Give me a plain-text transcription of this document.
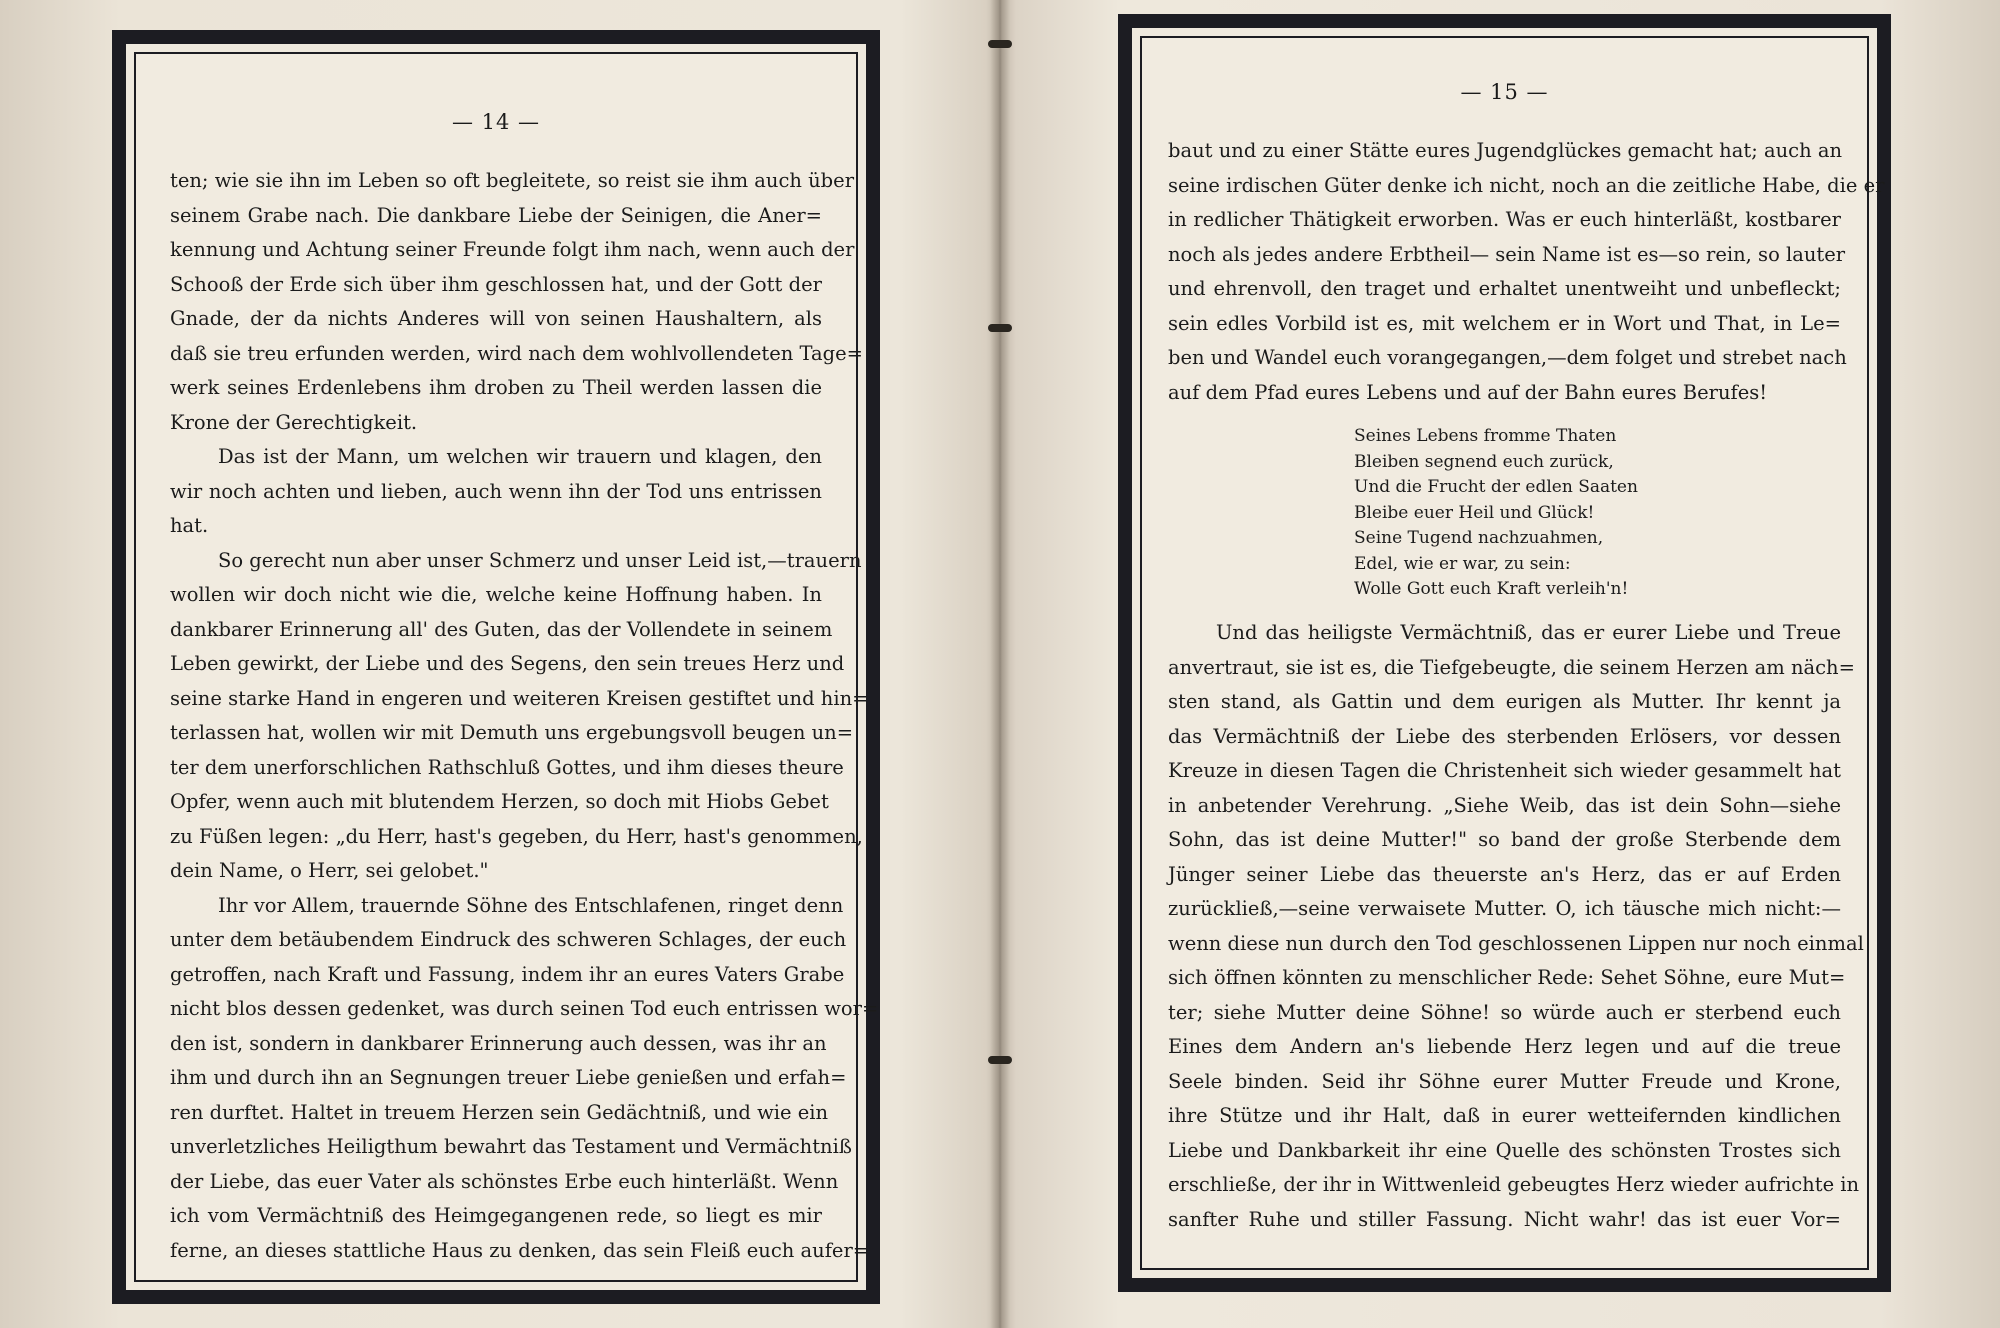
— 14 —
ten; wie sie ihn im Leben so oft begleitete, so reist sie ihm auch über
seinem Grabe nach. Die dankbare Liebe der Seinigen, die Aner=
kennung und Achtung seiner Freunde folgt ihm nach, wenn auch der
Schooß der Erde sich über ihm geschlossen hat, und der Gott der
Gnade, der da nichts Anderes will von seinen Haushaltern, als
daß sie treu erfunden werden, wird nach dem wohlvollendeten Tage=
werk seines Erdenlebens ihm droben zu Theil werden lassen die
Krone der Gerechtigkeit.
Das ist der Mann, um welchen wir trauern und klagen, den
wir noch achten und lieben, auch wenn ihn der Tod uns entrissen
hat.
So gerecht nun aber unser Schmerz und unser Leid ist,—trauern
wollen wir doch nicht wie die, welche keine Hoffnung haben. In
dankbarer Erinnerung all' des Guten, das der Vollendete in seinem
Leben gewirkt, der Liebe und des Segens, den sein treues Herz und
seine starke Hand in engeren und weiteren Kreisen gestiftet und hin=
terlassen hat, wollen wir mit Demuth uns ergebungsvoll beugen un=
ter dem unerforschlichen Rathschluß Gottes, und ihm dieses theure
Opfer, wenn auch mit blutendem Herzen, so doch mit Hiobs Gebet
zu Füßen legen: „du Herr, hast's gegeben, du Herr, hast's genommen,
dein Name, o Herr, sei gelobet."
Ihr vor Allem, trauernde Söhne des Entschlafenen, ringet denn
unter dem betäubendem Eindruck des schweren Schlages, der euch
getroffen, nach Kraft und Fassung, indem ihr an eures Vaters Grabe
nicht blos dessen gedenket, was durch seinen Tod euch entrissen wor=
den ist, sondern in dankbarer Erinnerung auch dessen, was ihr an
ihm und durch ihn an Segnungen treuer Liebe genießen und erfah=
ren durftet. Haltet in treuem Herzen sein Gedächtniß, und wie ein
unverletzliches Heiligthum bewahrt das Testament und Vermächtniß
der Liebe, das euer Vater als schönstes Erbe euch hinterläßt. Wenn
ich vom Vermächtniß des Heimgegangenen rede, so liegt es mir
ferne, an dieses stattliche Haus zu denken, das sein Fleiß euch aufer=
— 15 —
baut und zu einer Stätte eures Jugendglückes gemacht hat; auch an
seine irdischen Güter denke ich nicht, noch an die zeitliche Habe, die er
in redlicher Thätigkeit erworben. Was er euch hinterläßt, kostbarer
noch als jedes andere Erbtheil— sein Name ist es—so rein, so lauter
und ehrenvoll, den traget und erhaltet unentweiht und unbefleckt;
sein edles Vorbild ist es, mit welchem er in Wort und That, in Le=
ben und Wandel euch vorangegangen,—dem folget und strebet nach
auf dem Pfad eures Lebens und auf der Bahn eures Berufes!
Seines Lebens fromme Thaten
Bleiben segnend euch zurück,
Und die Frucht der edlen Saaten
Bleibe euer Heil und Glück!
Seine Tugend nachzuahmen,
Edel, wie er war, zu sein:
Wolle Gott euch Kraft verleih'n!
Und das heiligste Vermächtniß, das er eurer Liebe und Treue
anvertraut, sie ist es, die Tiefgebeugte, die seinem Herzen am näch=
sten stand, als Gattin und dem eurigen als Mutter. Ihr kennt ja
das Vermächtniß der Liebe des sterbenden Erlösers, vor dessen
Kreuze in diesen Tagen die Christenheit sich wieder gesammelt hat
in anbetender Verehrung. „Siehe Weib, das ist dein Sohn—siehe
Sohn, das ist deine Mutter!" so band der große Sterbende dem
Jünger seiner Liebe das theuerste an's Herz, das er auf Erden
zurückließ,—seine verwaisete Mutter. O, ich täusche mich nicht:—
wenn diese nun durch den Tod geschlossenen Lippen nur noch einmal
sich öffnen könnten zu menschlicher Rede: Sehet Söhne, eure Mut=
ter; siehe Mutter deine Söhne! so würde auch er sterbend euch
Eines dem Andern an's liebende Herz legen und auf die treue
Seele binden. Seid ihr Söhne eurer Mutter Freude und Krone,
ihre Stütze und ihr Halt, daß in eurer wetteifernden kindlichen
Liebe und Dankbarkeit ihr eine Quelle des schönsten Trostes sich
erschließe, der ihr in Wittwenleid gebeugtes Herz wieder aufrichte in
sanfter Ruhe und stiller Fassung. Nicht wahr! das ist euer Vor=
